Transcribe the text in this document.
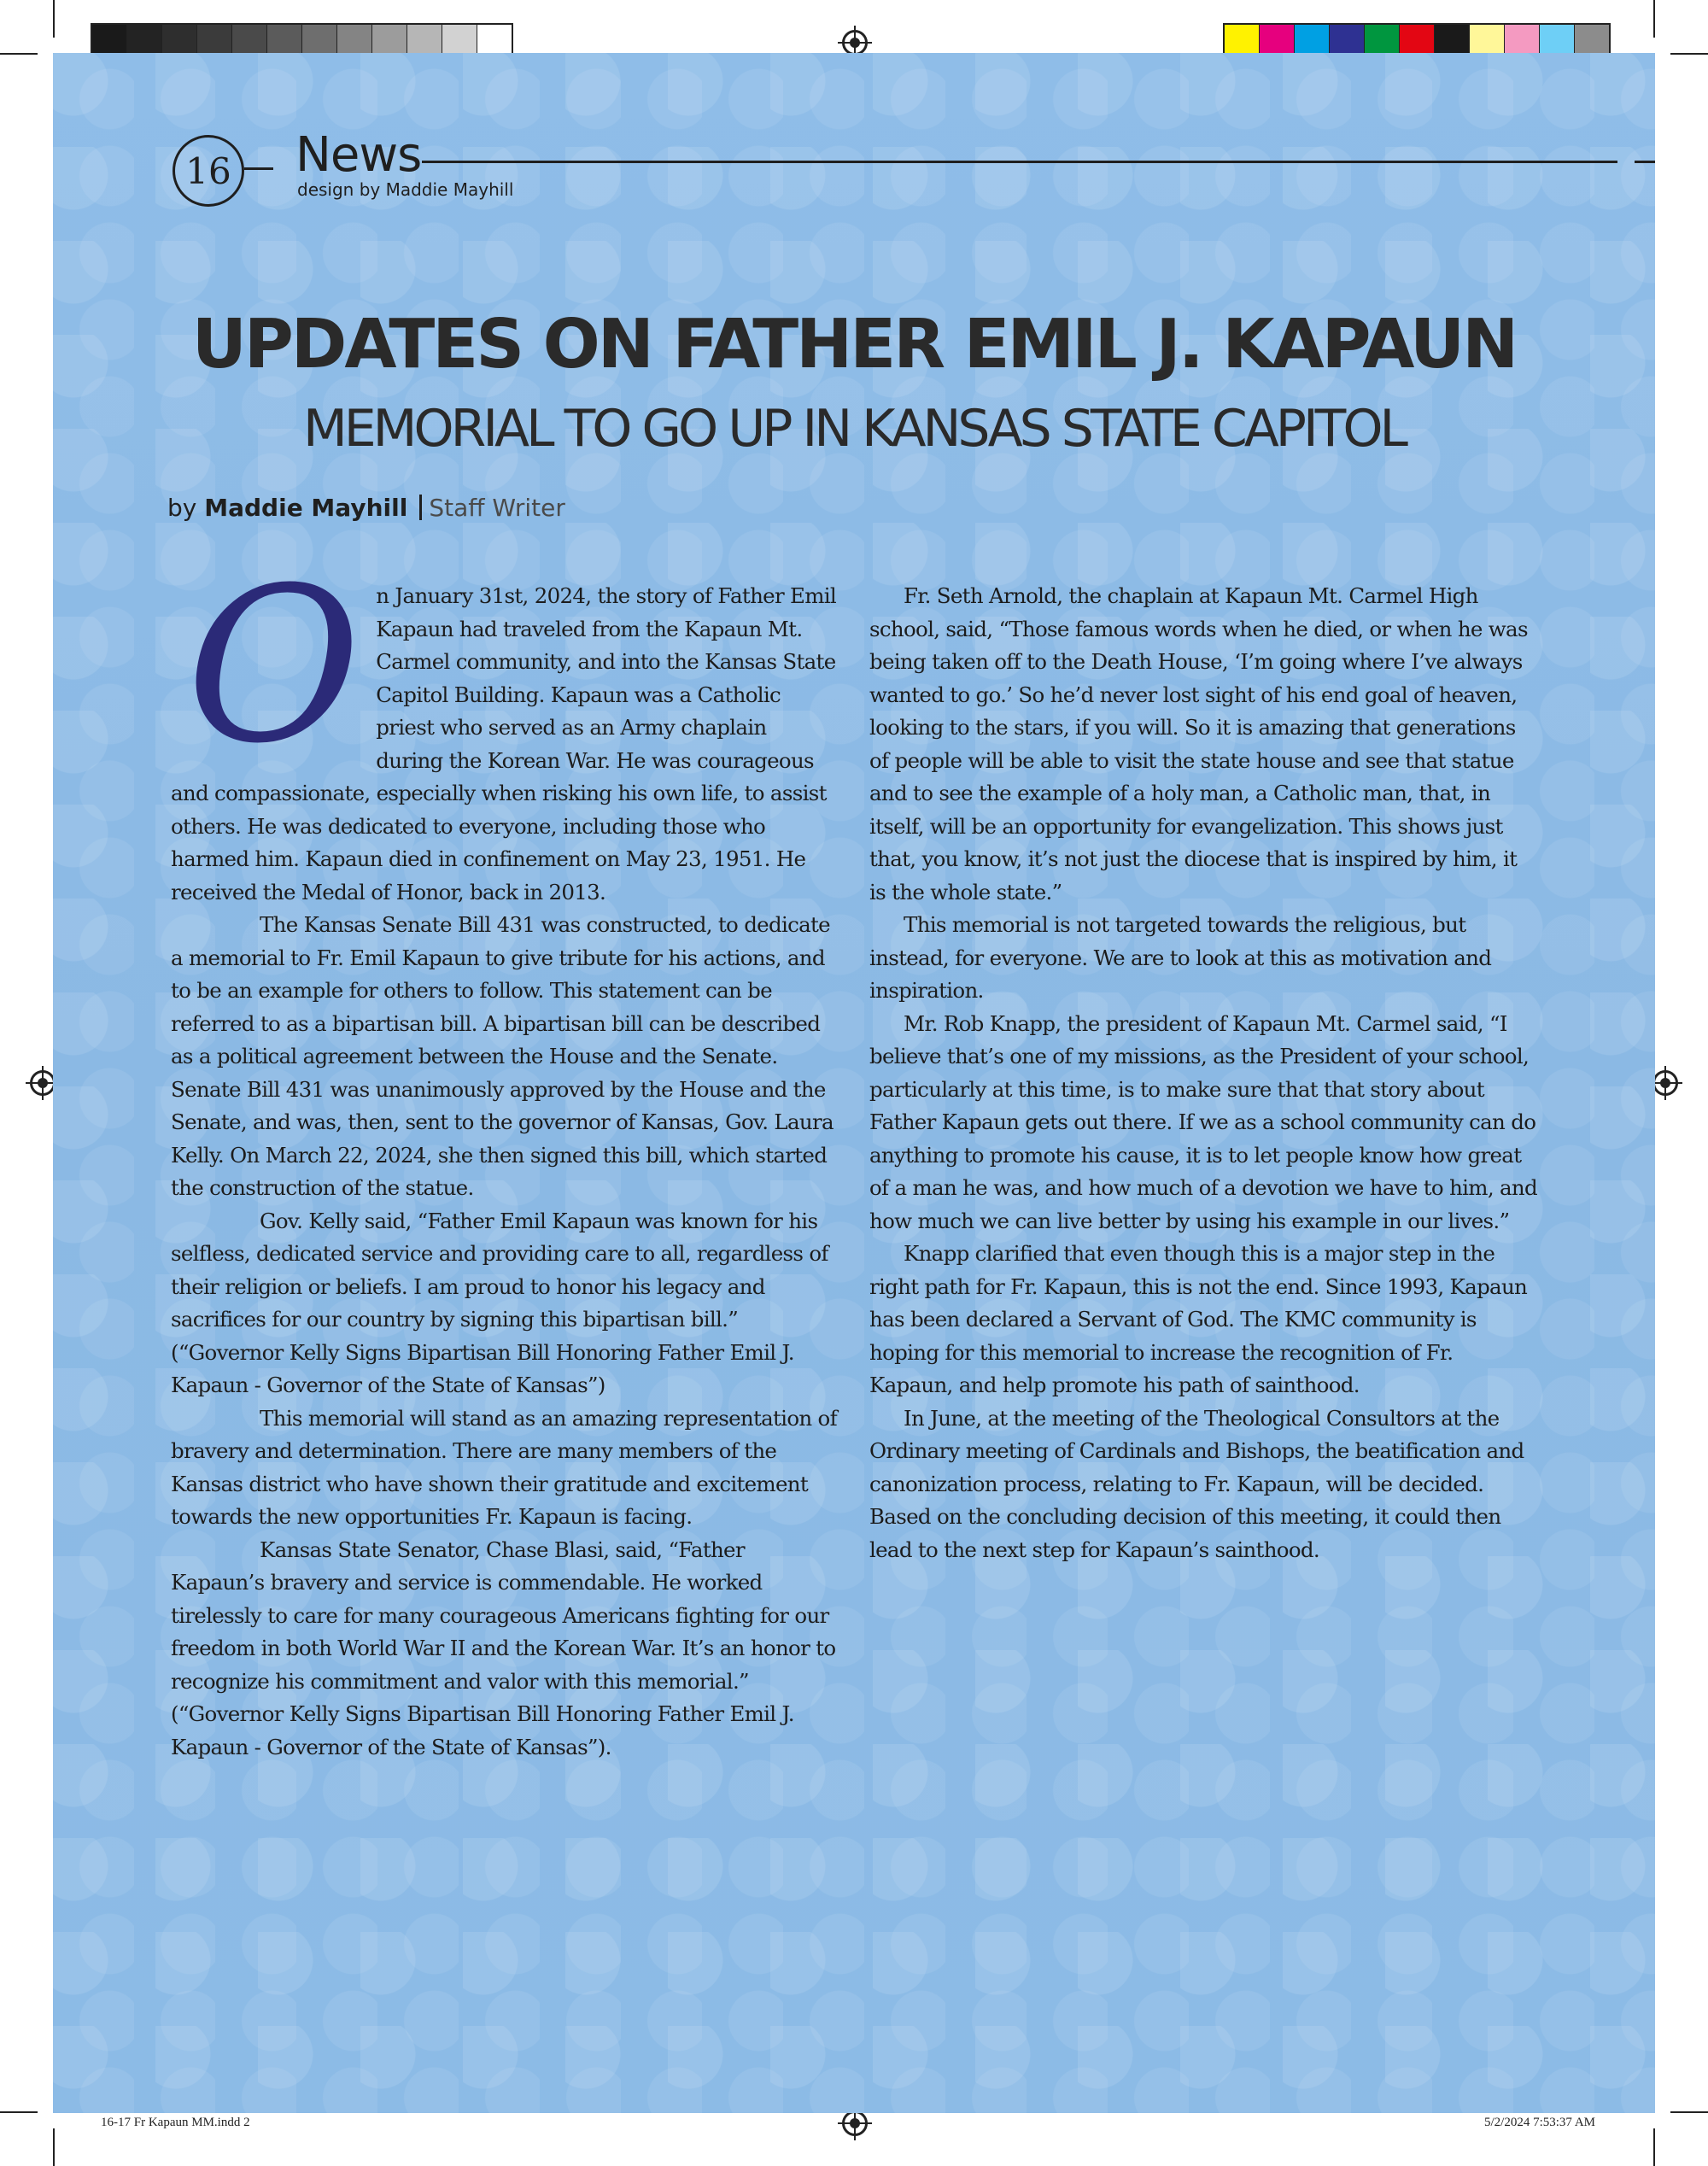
16 News
design by Maddie Mayhill
UPDATES ON FATHER EMIL J. KAPAUN
MEMORIAL TO GO UP IN KANSAS STATE CAPITOL
by Maddie Mayhill Staff Writer

On January 31st, 2024, the story of Father Emil Kapaun had traveled from the Kapaun Mt. Carmel community, and into the Kansas State Capitol Building. Kapaun was a Catholic priest who served as an Army chaplain during the Korean War. He was courageous and compassionate, especially when risking his own life, to assist others. He was dedicated to everyone, including those who harmed him. Kapaun died in confinement on May 23, 1951. He received the Medal of Honor, back in 2013.

The Kansas Senate Bill 431 was constructed, to dedicate a memorial to Fr. Emil Kapaun to give tribute for his actions, and to be an example for others to follow. This statement can be referred to as a bipartisan bill. A bipartisan bill can be described as a political agreement between the House and the Senate. Senate Bill 431 was unanimously approved by the House and the Senate, and was, then, sent to the governor of Kansas, Gov. Laura Kelly. On March 22, 2024, she then signed this bill, which started the construction of the statue.

Gov. Kelly said, “Father Emil Kapaun was known for his selfless, dedicated service and providing care to all, regardless of their religion or beliefs. I am proud to honor his legacy and sacrifices for our country by signing this bipartisan bill.” (“Governor Kelly Signs Bipartisan Bill Honoring Father Emil J. Kapaun - Governor of the State of Kansas”)

This memorial will stand as an amazing representation of bravery and determination. There are many members of the Kansas district who have shown their gratitude and excitement towards the new opportunities Fr. Kapaun is facing.

Kansas State Senator, Chase Blasi, said, “Father Kapaun’s bravery and service is commendable. He worked tirelessly to care for many courageous Americans fighting for our freedom in both World War II and the Korean War. It’s an honor to recognize his commitment and valor with this memorial.” (“Governor Kelly Signs Bipartisan Bill Honoring Father Emil J. Kapaun - Governor of the State of Kansas”).

Fr. Seth Arnold, the chaplain at Kapaun Mt. Carmel High school, said, “Those famous words when he died, or when he was being taken off to the Death House, ‘I’m going where I’ve always wanted to go.’ So he’d never lost sight of his end goal of heaven, looking to the stars, if you will. So it is amazing that generations of people will be able to visit the state house and see that statue and to see the example of a holy man, a Catholic man, that, in itself, will be an opportunity for evangelization. This shows just that, you know, it’s not just the diocese that is inspired by him, it is the whole state.”

This memorial is not targeted towards the religious, but instead, for everyone. We are to look at this as motivation and inspiration.

Mr. Rob Knapp, the president of Kapaun Mt. Carmel said, “I believe that’s one of my missions, as the President of your school, particularly at this time, is to make sure that that story about Father Kapaun gets out there. If we as a school community can do anything to promote his cause, it is to let people know how great of a man he was, and how much of a devotion we have to him, and how much we can live better by using his example in our lives.”

Knapp clarified that even though this is a major step in the right path for Fr. Kapaun, this is not the end. Since 1993, Kapaun has been declared a Servant of God. The KMC community is hoping for this memorial to increase the recognition of Fr. Kapaun, and help promote his path of sainthood.

In June, at the meeting of the Theological Consultors at the Ordinary meeting of Cardinals and Bishops, the beatification and canonization process, relating to Fr. Kapaun, will be decided. Based on the concluding decision of this meeting, it could then lead to the next step for Kapaun’s sainthood.

16-17 Fr Kapaun MM.indd 2	5/2/2024 7:53:37 AM
